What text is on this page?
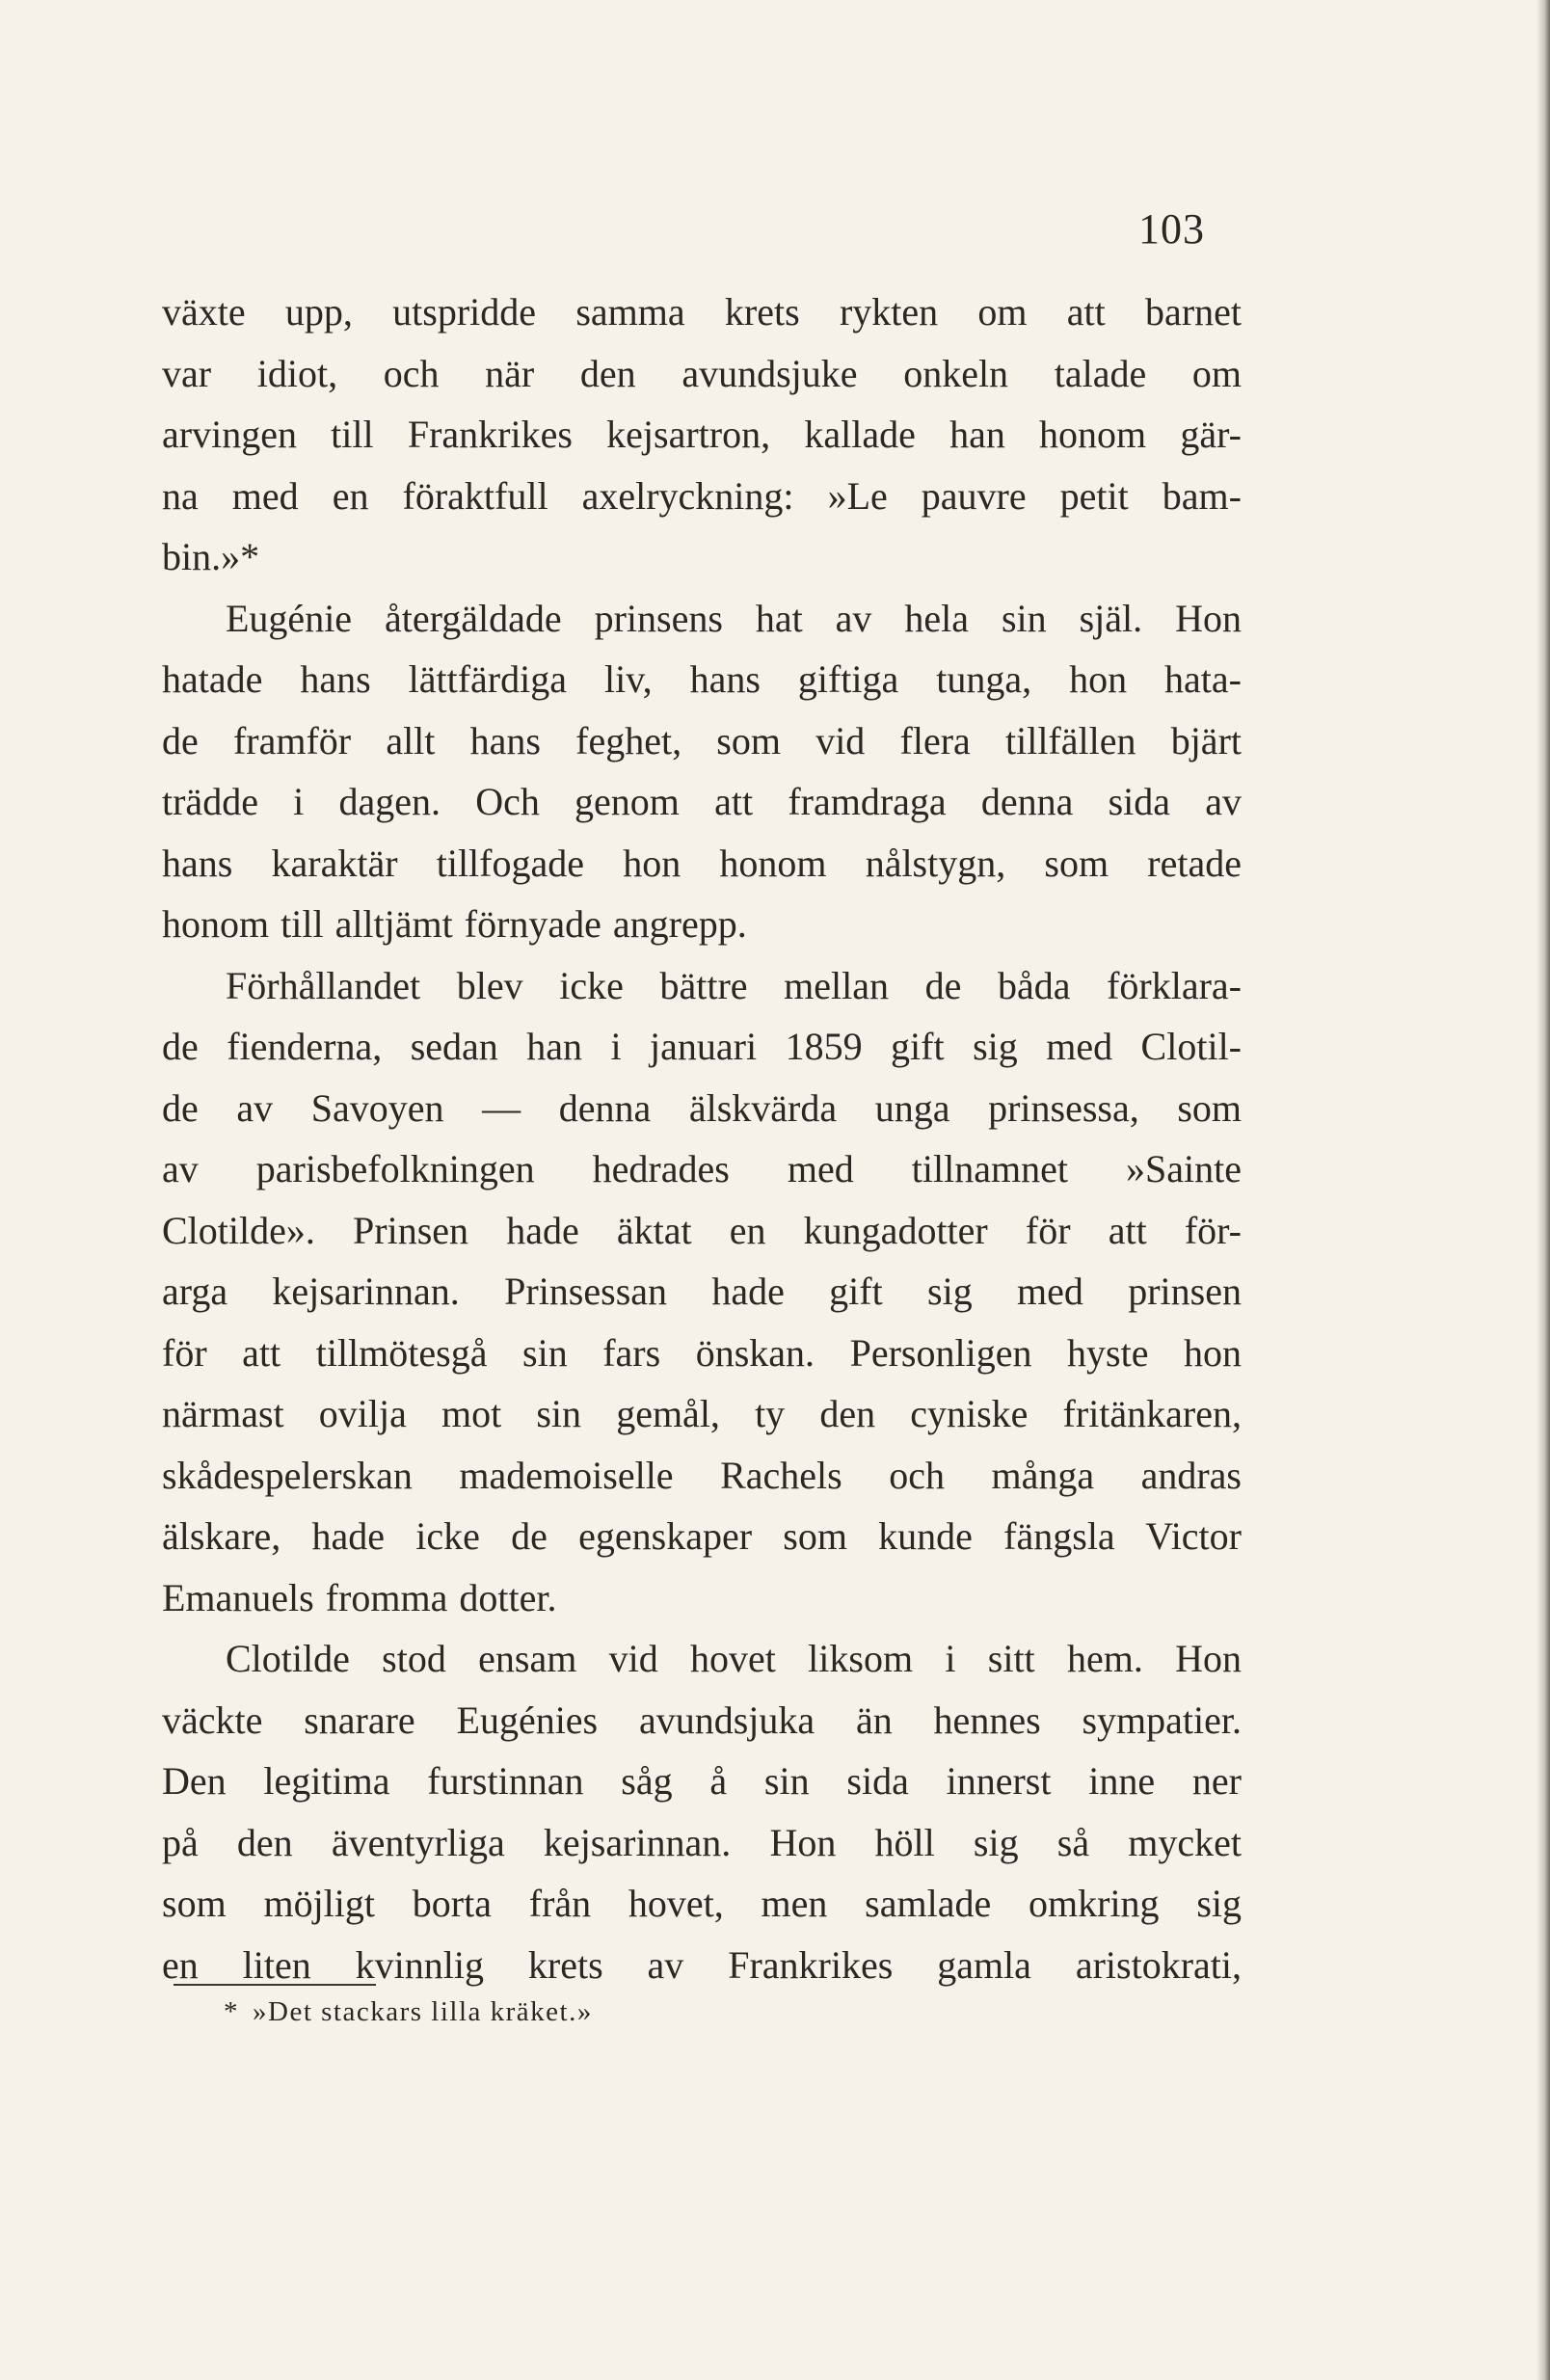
103
växte upp, utspridde samma krets rykten om att barnet
var idiot, och när den avundsjuke onkeln talade om
arvingen till Frankrikes kejsartron, kallade han honom gär-
na med en föraktfull axelryckning: »Le pauvre petit bam-
bin.»*
Eugénie återgäldade prinsens hat av hela sin själ. Hon
hatade hans lättfärdiga liv, hans giftiga tunga, hon hata-
de framför allt hans feghet, som vid flera tillfällen bjärt
trädde i dagen. Och genom att framdraga denna sida av
hans karaktär tillfogade hon honom nålstygn, som retade
honom till alltjämt förnyade angrepp.
Förhållandet blev icke bättre mellan de båda förklara-
de fienderna, sedan han i januari 1859 gift sig med Clotil-
de av Savoyen — denna älskvärda unga prinsessa, som
av parisbefolkningen hedrades med tillnamnet »Sainte
Clotilde». Prinsen hade äktat en kungadotter för att för-
arga kejsarinnan. Prinsessan hade gift sig med prinsen
för att tillmötesgå sin fars önskan. Personligen hyste hon
närmast ovilja mot sin gemål, ty den cyniske fritänkaren,
skådespelerskan mademoiselle Rachels och många andras
älskare, hade icke de egenskaper som kunde fängsla Victor
Emanuels fromma dotter.
Clotilde stod ensam vid hovet liksom i sitt hem. Hon
väckte snarare Eugénies avundsjuka än hennes sympatier.
Den legitima furstinnan såg å sin sida innerst inne ner
på den äventyrliga kejsarinnan. Hon höll sig så mycket
som möjligt borta från hovet, men samlade omkring sig
en liten kvinnlig krets av Frankrikes gamla aristokrati,
* »Det stackars lilla kräket.»
